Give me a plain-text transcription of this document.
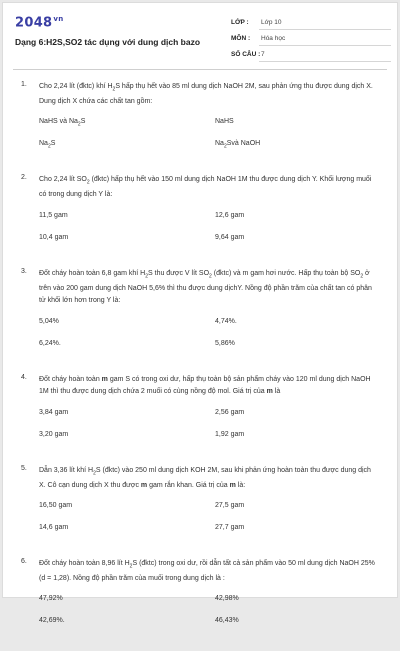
$2048^{vn}$
Dạng 6:H2S,SO2 tác dụng với dung dịch bazo
LỚP :	Lớp 10
MÔN :	Hóa học
SỐ CÂU : 7
1. Cho 2,24 lít (đktc) khí $H_2S$ hấp thụ hết vào 85 ml dung dịch NaOH 2M, sau phản ứng thu được dung dịch X. Dung dịch X chứa các chất tan gồm:
NaHS và $Na_2S$	NaHS
$Na_2S$	$Na_2Svà$ NaOH
2. Cho 2,24 lít $SO_2$ (đktc) hấp thụ hết vào 150 ml dung dịch NaOH 1M thu được dung dịch Y. Khối lượng muối có trong dung dịch Y là:
11,5 gam	12,6 gam
10,4 gam	9,64 gam
3. Đốt cháy hoàn toàn 6,8 gam khí $H_2S$ thu được V lít $SO_2$ (đktc) và m gam hơi nước. Hấp thụ toàn bộ $SO_2$ ở trên vào 200 gam dung dịch NaOH 5,6% thì thu được dung dịchY. Nồng độ phần trăm của chất tan có phân tử khối lớn hơn trong Y là:
5,04%	4,74%.
6,24%.	5,86%
4. Đốt cháy hoàn toàn m gam S có trong oxi dư, hấp thụ toàn bộ sản phẩm cháy vào 120 ml dung dịch NaOH 1M thì thu được dung dịch chứa 2 muối có cùng nồng độ mol. Giá trị của m là
3,84 gam	2,56 gam
3,20 gam	1,92 gam
5. Dẫn 3,36 lít khí $H_2S$ (đktc) vào 250 ml dung dịch KOH 2M, sau khi phản ứng hoàn toàn thu được dung dịch X. Cô cạn dung dịch X thu được m gam rắn khan. Giá trị của m là:
16,50 gam	27,5 gam
14,6 gam	27,7 gam
6. Đốt cháy hoàn toàn 8,96 lít $H_2S$ (đktc) trong oxi dư, rồi dẫn tất cả sản phẩm vào 50 ml dung dịch NaOH 25% (d = 1,28). Nồng độ phần trăm của muối trong dung dịch là :
47,92%	42,98%
42,69%.	46,43%
